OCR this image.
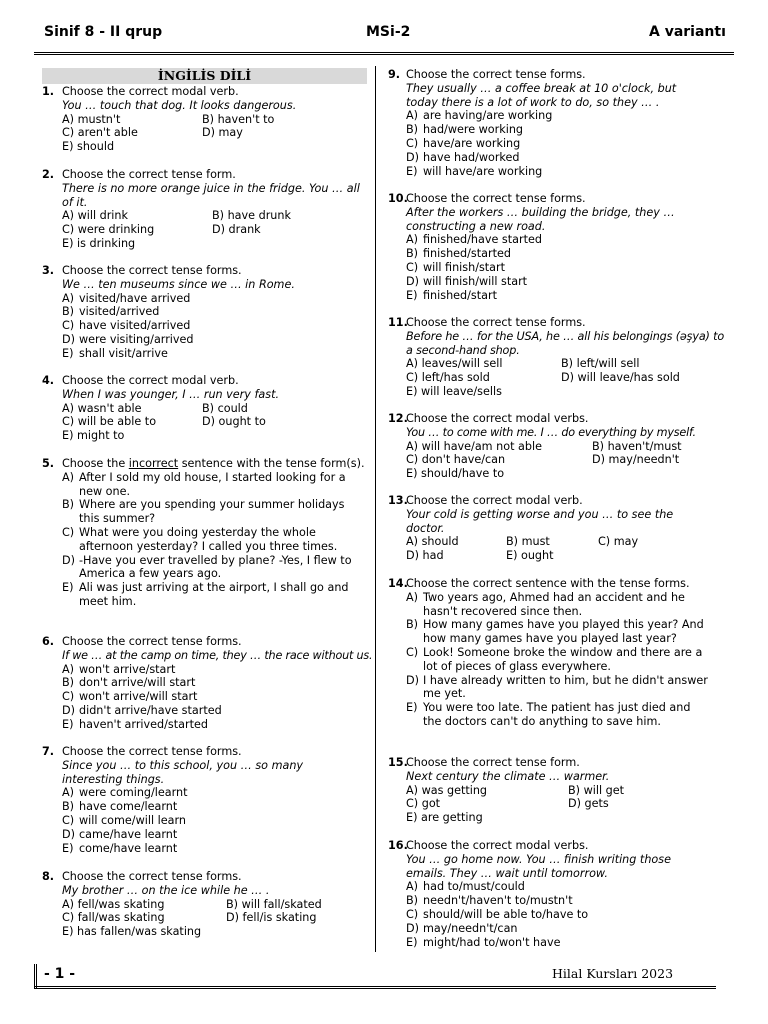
Sinif 8 - II qrup	MSi-2	A variantı
İNGİLİS DİLİ
1. Choose the correct modal verb.
You … touch that dog. It looks dangerous.
A) mustn't	B) haven't to
C) aren't able	D) may
E) should
2. Choose the correct tense form.
There is no more orange juice in the fridge. You … all of it.
A) will drink	B) have drunk
C) were drinking	D) drank
E) is drinking
3. Choose the correct tense forms.
We … ten museums since we … in Rome.
A) visited/have arrived
B) visited/arrived
C) have visited/arrived
D) were visiting/arrived
E) shall visit/arrive
4. Choose the correct modal verb.
When I was younger, I … run very fast.
A) wasn't able	B) could
C) will be able to	D) ought to
E) might to
5. Choose the incorrect sentence with the tense form(s).
A) After I sold my old house, I started looking for a new one.
B) Where are you spending your summer holidays this summer?
C) What were you doing yesterday the whole afternoon yesterday? I called you three times.
D) -Have you ever travelled by plane? -Yes, I flew to America a few years ago.
E) Ali was just arriving at the airport, I shall go and meet him.
6. Choose the correct tense forms.
If we … at the camp on time, they … the race without us.
A) won't arrive/start
B) don't arrive/will start
C) won't arrive/will start
D) didn't arrive/have started
E) haven't arrived/started
7. Choose the correct tense forms.
Since you … to this school, you … so many interesting things.
A) were coming/learnt
B) have come/learnt
C) will come/will learn
D) came/have learnt
E) come/have learnt
8. Choose the correct tense forms.
My brother … on the ice while he … .
A) fell/was skating	B) will fall/skated
C) fall/was skating	D) fell/is skating
E) has fallen/was skating
9. Choose the correct tense forms.
They usually … a coffee break at 10 o'clock, but today there is a lot of work to do, so they … .
A) are having/are working
B) had/were working
C) have/are working
D) have had/worked
E) will have/are working
10.
Choose the correct tense forms.
After the workers … building the bridge, they … constructing a new road.
A) finished/have started
B) finished/started
C) will finish/start
D) will finish/will start
E) finished/start
11.
Choose the correct tense forms.
Before he … for the USA, he … all his belongings (əşya) to a second-hand shop.
A) leaves/will sell	B) left/will sell
C) left/has sold	D) will leave/has sold
E) will leave/sells
12.
Choose the correct modal verbs.
You … to come with me. I … do everything by myself.
A) will have/am not able	B) haven't/must
C) don't have/can	D) may/needn't
E) should/have to
13.
Choose the correct modal verb.
Your cold is getting worse and you … to see the doctor.
A) should	B) must	C) may
D) had	E) ought
14.
Choose the correct sentence with the tense forms.
A) Two years ago, Ahmed had an accident and he hasn't recovered since then.
B) How many games have you played this year? And how many games have you played last year?
C) Look! Someone broke the window and there are a lot of pieces of glass everywhere.
D) I have already written to him, but he didn't answer me yet.
E) You were too late. The patient has just died and the doctors can't do anything to save him.
15.
Choose the correct tense form.
Next century the climate … warmer.
A) was getting	B) will get
C) got	D) gets
E) are getting
16.
Choose the correct modal verbs.
You … go home now. You … finish writing those emails. They … wait until tomorrow.
A) had to/must/could
B) needn't/haven't to/mustn't
C) should/will be able to/have to
D) may/needn't/can
E) might/had to/won't have
- 1 -	Hilal Kursları 2023
